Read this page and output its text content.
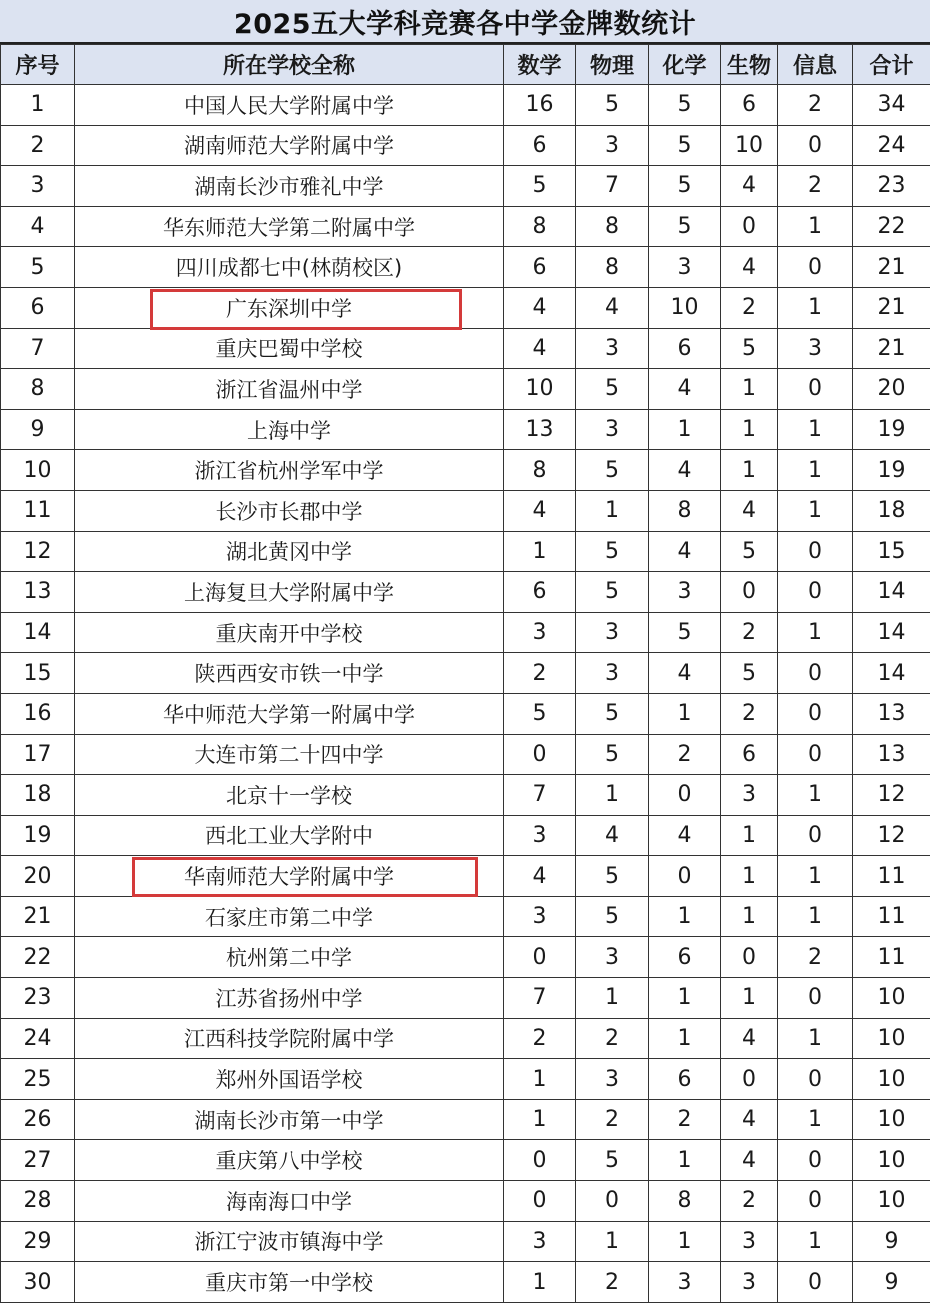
2025五大学科竞赛各中学金牌数统计
序号	所在学校全称	数学	物理	化学	生物	信息	合计
1	中国人民大学附属中学	16	5	5	6	2	34
2	湖南师范大学附属中学	6	3	5	10	0	24
3	湖南长沙市雅礼中学	5	7	5	4	2	23
4	华东师范大学第二附属中学	8	8	5	0	1	22
5	四川成都七中(林荫校区)	6	8	3	4	0	21
6	广东深圳中学	4	4	10	2	1	21
7	重庆巴蜀中学校	4	3	6	5	3	21
8	浙江省温州中学	10	5	4	1	0	20
9	上海中学	13	3	1	1	1	19
10	浙江省杭州学军中学	8	5	4	1	1	19
11	长沙市长郡中学	4	1	8	4	1	18
12	湖北黄冈中学	1	5	4	5	0	15
13	上海复旦大学附属中学	6	5	3	0	0	14
14	重庆南开中学校	3	3	5	2	1	14
15	陕西西安市铁一中学	2	3	4	5	0	14
16	华中师范大学第一附属中学	5	5	1	2	0	13
17	大连市第二十四中学	0	5	2	6	0	13
18	北京十一学校	7	1	0	3	1	12
19	西北工业大学附中	3	4	4	1	0	12
20	华南师范大学附属中学	4	5	0	1	1	11
21	石家庄市第二中学	3	5	1	1	1	11
22	杭州第二中学	0	3	6	0	2	11
23	江苏省扬州中学	7	1	1	1	0	10
24	江西科技学院附属中学	2	2	1	4	1	10
25	郑州外国语学校	1	3	6	0	0	10
26	湖南长沙市第一中学	1	2	2	4	1	10
27	重庆第八中学校	0	5	1	4	0	10
28	海南海口中学	0	0	8	2	0	10
29	浙江宁波市镇海中学	3	1	1	3	1	9
30	重庆市第一中学校	1	2	3	3	0	9
